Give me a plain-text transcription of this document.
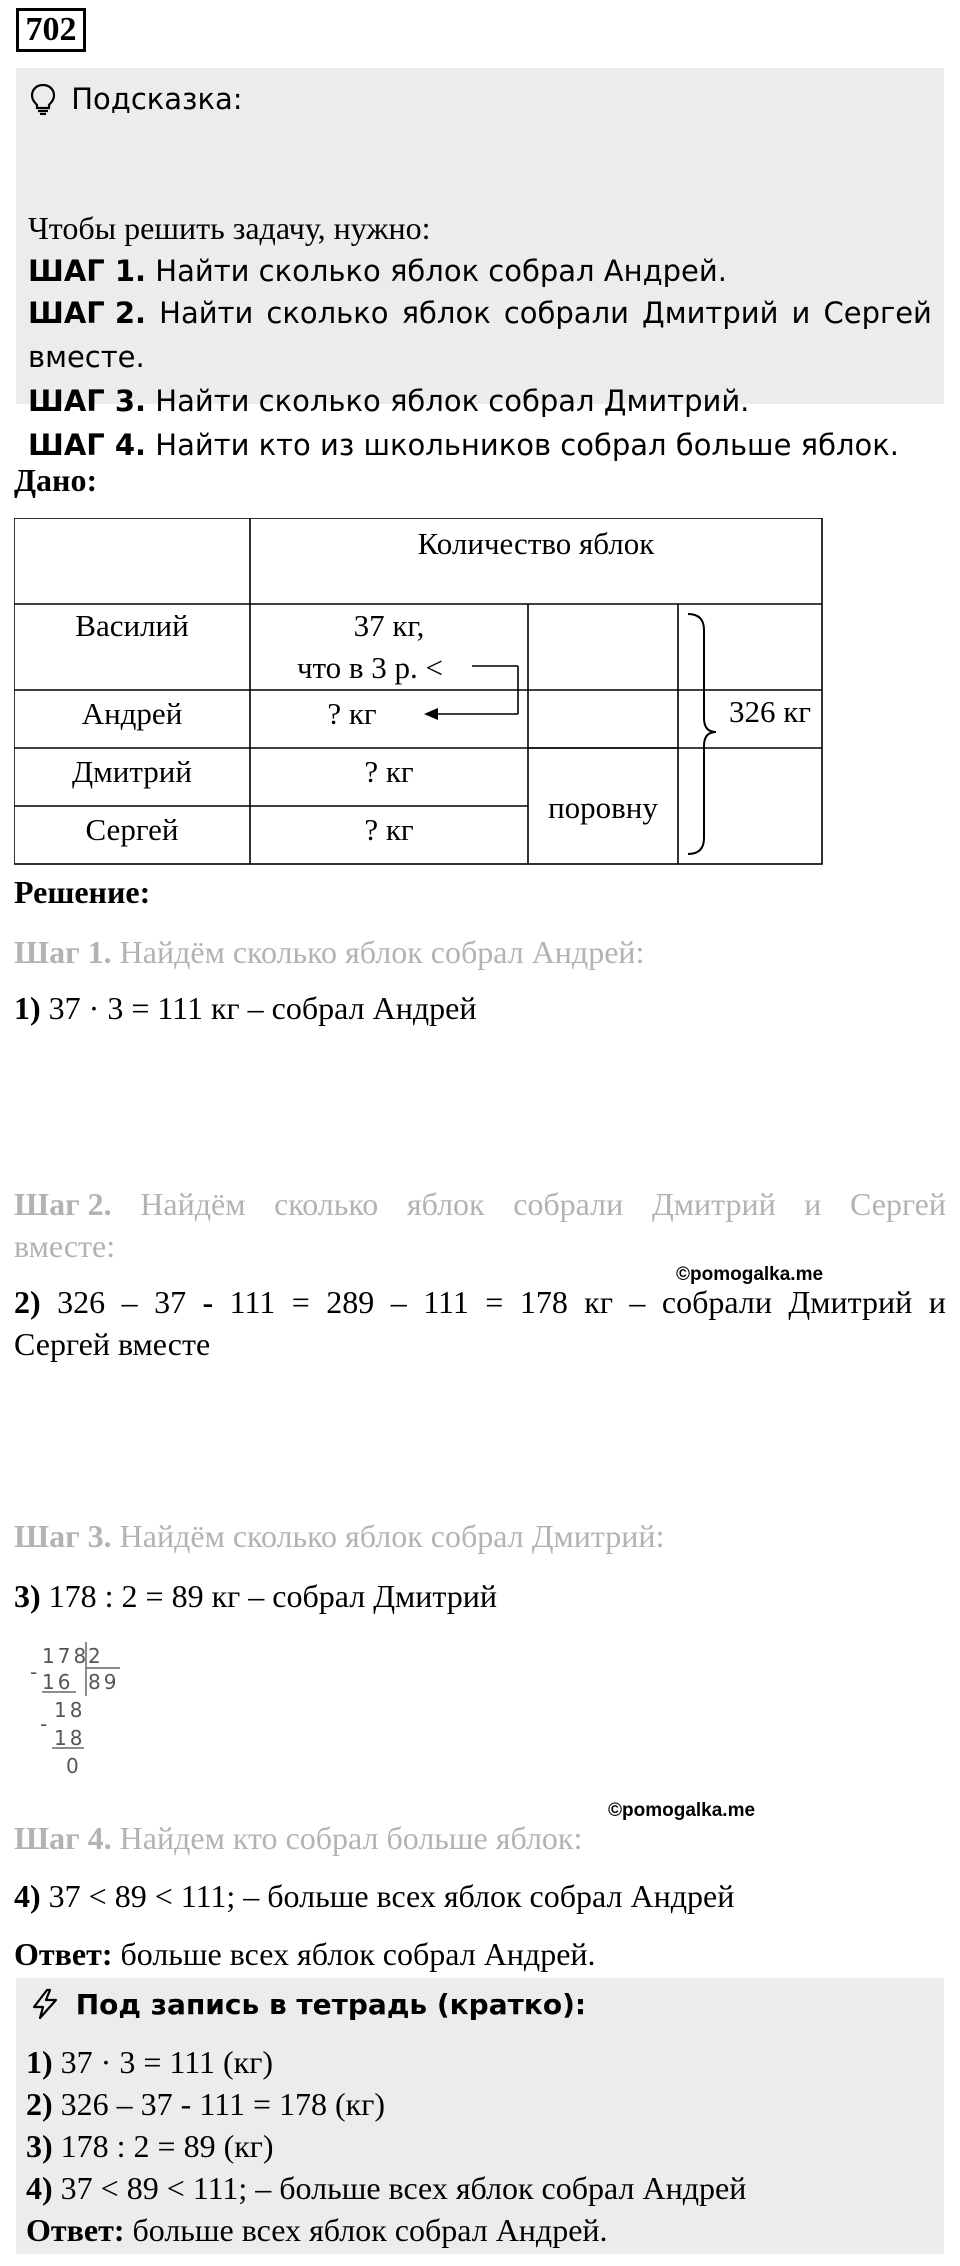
702
Подсказка:
Чтобы решить задачу, нужно:
ШАГ 1. Найти сколько яблок собрал Андрей.
ШАГ 2. Найти сколько яблок собрали Дмитрий и Сергей
вместе.
ШАГ 3. Найти сколько яблок собрал Дмитрий.
ШАГ 4. Найти кто из школьников собрал больше яблок.
Дано:
Количество яблок
Василий	37 кг,
что в 3 р. <
Андрей	? кг
Дмитрий	? кг
Сергей	? кг
поровну
326 кг
Решение:
Шаг 1. Найдём сколько яблок собрал Андрей:
1) 37 · 3 = 111 кг – собрал Андрей
Шаг 2. Найдём сколько яблок собрали Дмитрий и Сергей
вместе:
©pomogalka.me
2) 326 – 37 - 111 = 289 – 111 = 178 кг – собрали Дмитрий и
Сергей вместе
Шаг 3. Найдём сколько яблок собрал Дмитрий:
3) 178 : 2 = 89 кг – собрал Дмитрий
178
2
- 16 89
18
-
18
0
©pomogalka.me
Шаг 4. Найдем кто собрал больше яблок:
4) 37 < 89 < 111; – больше всех яблок собрал Андрей
Ответ: больше всех яблок собрал Андрей.
Под запись в тетрадь (кратко):
1) 37 · 3 = 111 (кг)
2) 326 – 37 - 111 = 178 (кг)
3) 178 : 2 = 89 (кг)
4) 37 < 89 < 111; – больше всех яблок собрал Андрей
Ответ: больше всех яблок собрал Андрей.
